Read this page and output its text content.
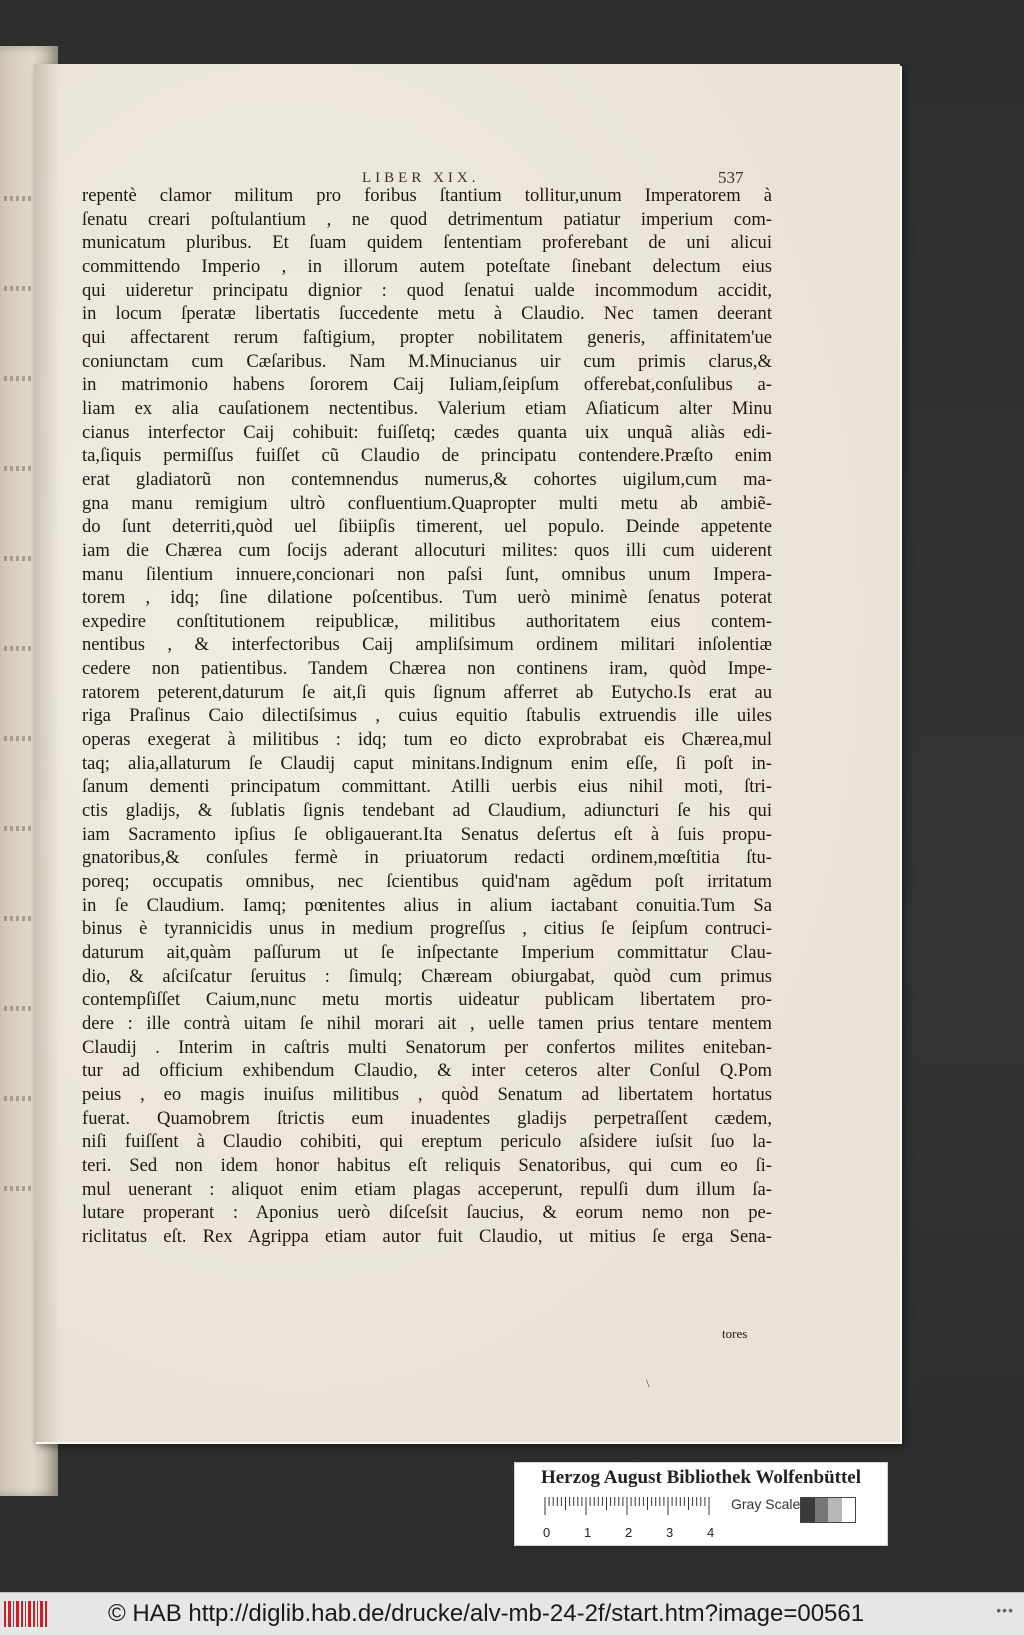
LIBER XIX.	537
repentè clamor militum pro foribus ſtantium tollitur,unum Imperatorem à
ſenatu creari poſtulantium , ne quod detrimentum patiatur imperium com-
municatum pluribus. Et ſuam quidem ſententiam proferebant de uni alicui
committendo Imperio , in illorum autem poteſtate ſinebant delectum eius
qui uideretur principatu dignior : quod ſenatui ualde incommodum accidit,
in locum ſperatæ libertatis ſuccedente metu à Claudio. Nec tamen deerant
qui affectarent rerum faſtigium, propter nobilitatem generis, affinitatem'ue
coniunctam cum Cæſaribus. Nam M.Minucianus uir cum primis clarus,&
in matrimonio habens ſororem Caij Iuliam,ſeipſum offerebat,conſulibus a-
liam ex alia cauſationem nectentibus. Valerium etiam Aſiaticum alter Minu
cianus interfector Caij cohibuit: fuiſſetq; cædes quanta uix unquã aliàs edi-
ta,ſiquis permiſſus fuiſſet cũ Claudio de principatu contendere.Præſto enim
erat gladiatorũ non contemnendus numerus,& cohortes uigilum,cum ma-
gna manu remigium ultrò confluentium.Quapropter multi metu ab ambiẽ-
do ſunt deterriti,quòd uel ſibiipſis timerent, uel populo. Deinde appetente
iam die Chærea cum ſocijs aderant allocuturi milites: quos illi cum uiderent
manu ſilentium innuere,concionari non paſsi ſunt, omnibus unum Impera-
torem , idq; ſine dilatione poſcentibus. Tum uerò minimè ſenatus poterat
expedire conſtitutionem reipublicæ, militibus authoritatem eius contem-
nentibus , & interfectoribus Caij ampliſsimum ordinem militari inſolentiæ
cedere non patientibus. Tandem Chærea non continens iram, quòd Impe-
ratorem peterent,daturum ſe ait,ſi quis ſignum afferret ab Eutycho.Is erat au
riga Praſinus Caio dilectiſsimus , cuius equitio ſtabulis extruendis ille uiles
operas exegerat à militibus : idq; tum eo dicto exprobrabat eis Chærea,mul
taq; alia,allaturum ſe Claudij caput minitans.Indignum enim eſſe, ſi poſt in-
ſanum dementi principatum committant. Atilli uerbis eius nihil moti, ſtri-
ctis gladijs, & ſublatis ſignis tendebant ad Claudium, adiuncturi ſe his qui
iam Sacramento ipſius ſe obligauerant.Ita Senatus deſertus eſt à ſuis propu-
gnatoribus,& conſules fermè in priuatorum redacti ordinem,mœſtitia ſtu-
poreq; occupatis omnibus, nec ſcientibus quid'nam agẽdum poſt irritatum
in ſe Claudium. Iamq; pœnitentes alius in alium iactabant conuitia.Tum Sa
binus è tyrannicidis unus in medium progreſſus , citius ſe ſeipſum contruci-
daturum ait,quàm paſſurum ut ſe inſpectante Imperium committatur Clau-
dio, & aſciſcatur ſeruitus : ſimulq; Chæream obiurgabat, quòd cum primus
contempſiſſet Caium,nunc metu mortis uideatur publicam libertatem pro-
dere : ille contrà uitam ſe nihil morari ait , uelle tamen prius tentare mentem
Claudij . Interim in caſtris multi Senatorum per confertos milites eniteban-
tur ad officium exhibendum Claudio, & inter ceteros alter Conſul Q.Pom
peius , eo magis inuiſus militibus , quòd Senatum ad libertatem hortatus
fuerat. Quamobrem ſtrictis eum inuadentes gladijs perpetraſſent cædem,
niſi fuiſſent à Claudio cohibiti, qui ereptum periculo aſsidere iuſsit ſuo la-
teri. Sed non idem honor habitus eſt reliquis Senatoribus, qui cum eo ſi-
mul uenerant : aliquot enim etiam plagas acceperunt, repulſi dum illum ſa-
lutare properant : Aponius uerò diſceſsit ſaucius, & eorum nemo non pe-
riclitatus eſt. Rex Agrippa etiam autor fuit Claudio, ut mitius ſe erga Sena-
tores
\
Herzog August Bibliothek Wolfenbüttel
0	1	2	3	4
Gray Scale
© HAB http://diglib.hab.de/drucke/alv-mb-24-2f/start.htm?image=00561	•••
